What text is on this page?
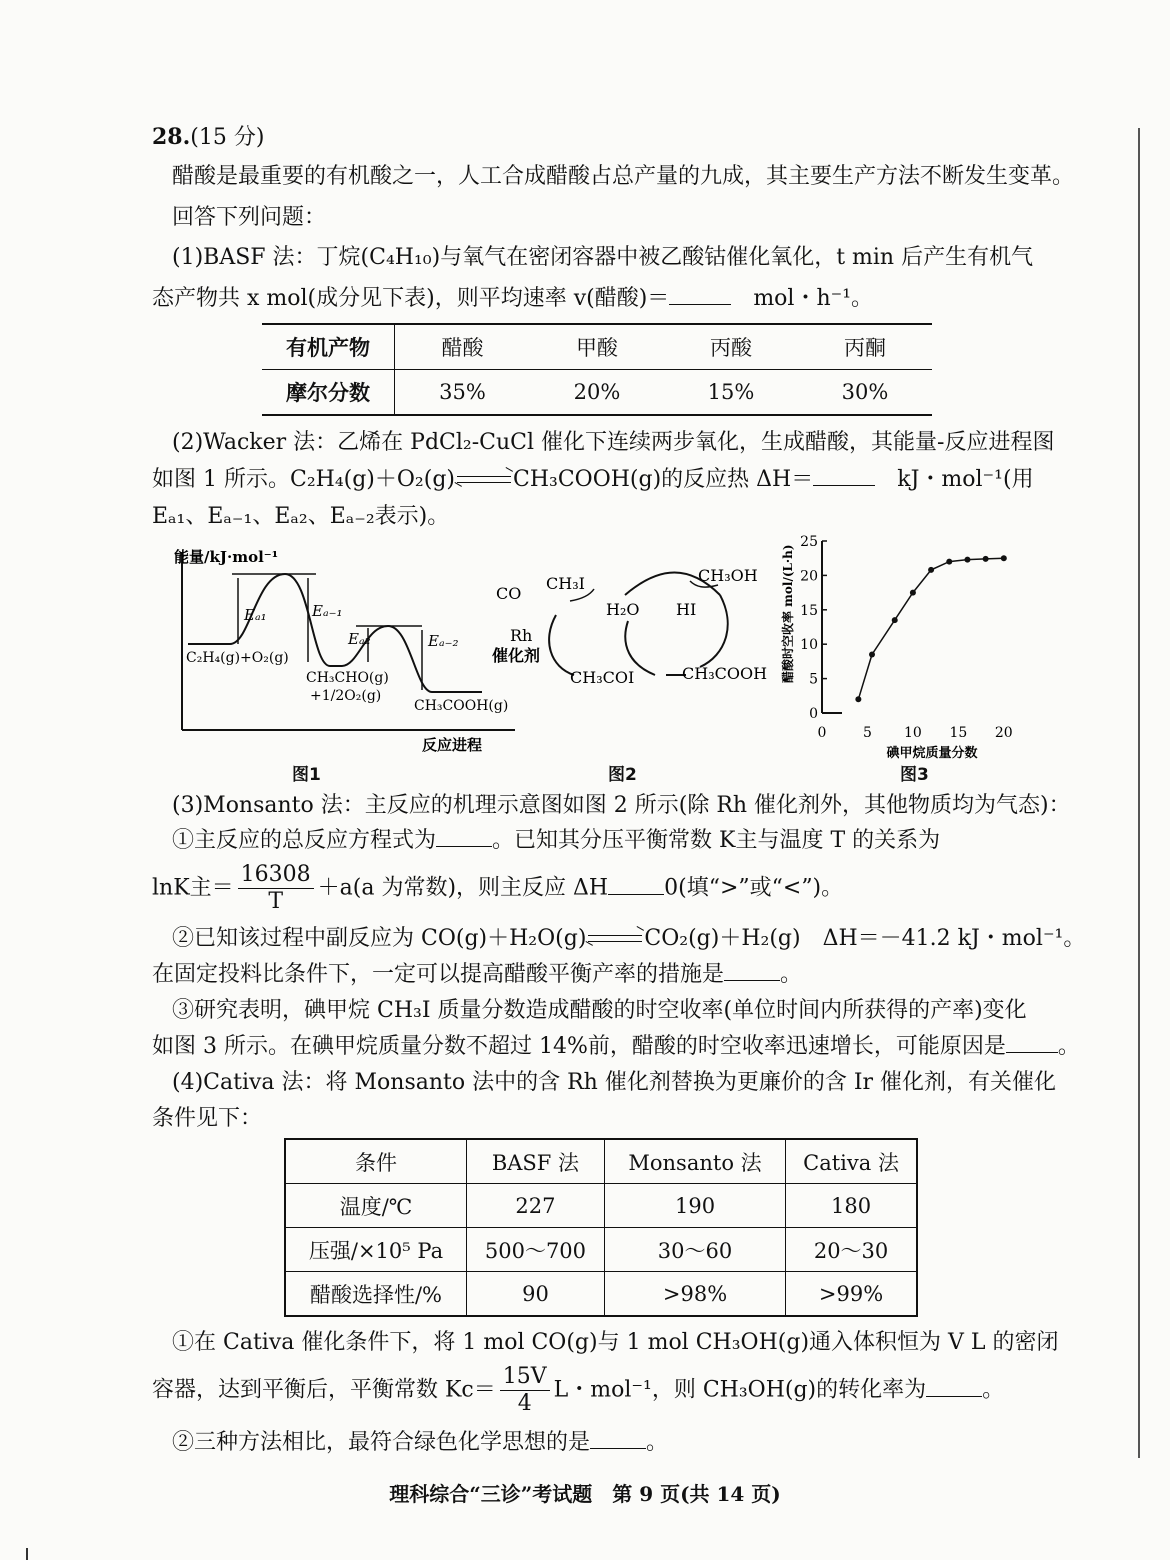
28.(15 分)
醋酸是最重要的有机酸之一，人工合成醋酸占总产量的九成，其主要生产方法不断发生变革。
回答下列问题：
(1)BASF 法：丁烷(C₄H₁₀)与氧气在密闭容器中被乙酸钴催化氧化，t min 后产生有机气
态产物共 x mol(成分见下表)，则平均速率 v(醋酸)＝　	mol・h⁻¹。
有机产物	醋酸	甲酸	丙酸	丙酮
摩尔分数	35%	20%	15%	30%
(2)Wacker 法：乙烯在 PdCl₂-CuCl 催化下连续两步氧化，生成醋酸，其能量-反应进程图
如图 1 所示。C₂H₄(g)＋O₂(g)	CH₃COOH(g)的反应热 ΔH＝　	kJ・mol⁻¹(用
Eₐ₁、Eₐ₋₁、Eₐ₂、Eₐ₋₂表示)。
能量/kJ·mol⁻¹
Eₐ₁	Eₐ₋₁
Eₐ₂	Eₐ₋₂
C₂H₄(g)+O₂(g)
CH₃CHO(g)
+1/2O₂(g)
CH₃COOH(g)
反应进程
图1
CO
CH₃I	CH₃OH
H₂O HI
Rh
催化剂
CH₃COI	CH₃COOH
图2
醋酸时空收率 mol/(L·h)
0
5
10
15
20
25
0	5 10 15 20
碘甲烷质量分数
图3
(3)Monsanto 法：主反应的机理示意图如图 2 所示(除 Rh 催化剂外，其他物质均为气态)：
①主反应的总反应方程式为	。已知其分压平衡常数 K主与温度 T 的关系为
lnK主＝ $\frac{16308}{T} +a(a$ 为常数)，则主反应 ΔH	0(填“>”或“<”)。
②已知该过程中副反应为 CO(g)＋H₂O(g)	CO₂(g)＋H₂(g)　ΔH＝－41.2 kJ・mol⁻¹。
在固定投料比条件下，一定可以提高醋酸平衡产率的措施是	。
③研究表明，碘甲烷 CH₃I 质量分数造成醋酸的时空收率(单位时间内所获得的产率)变化
如图 3 所示。在碘甲烷质量分数不超过 14%前，醋酸的时空收率迅速增长，可能原因是 。
(4)Cativa 法：将 Monsanto 法中的含 Rh 催化剂替换为更廉价的含 Ir 催化剂，有关催化
条件见下：
条件	BASF 法	Monsanto 法	Cativa 法
温度/℃	227	190	180
压强/×10⁵ Pa	500～700	30～60	20～30
醋酸选择性/%	90	>98%	>99%
①在 Cativa 催化条件下，将 1 mol CO(g)与 1 mol CH₃OH(g)通入体积恒为 V L 的密闭
容器，达到平衡后，平衡常数 $Kc= \frac{15V}{4}$ L・mol⁻¹，则 CH₃OH(g)的转化率为	。
②三种方法相比，最符合绿色化学思想的是	。
理科综合“三诊”考试题　第 9 页(共 14 页)
